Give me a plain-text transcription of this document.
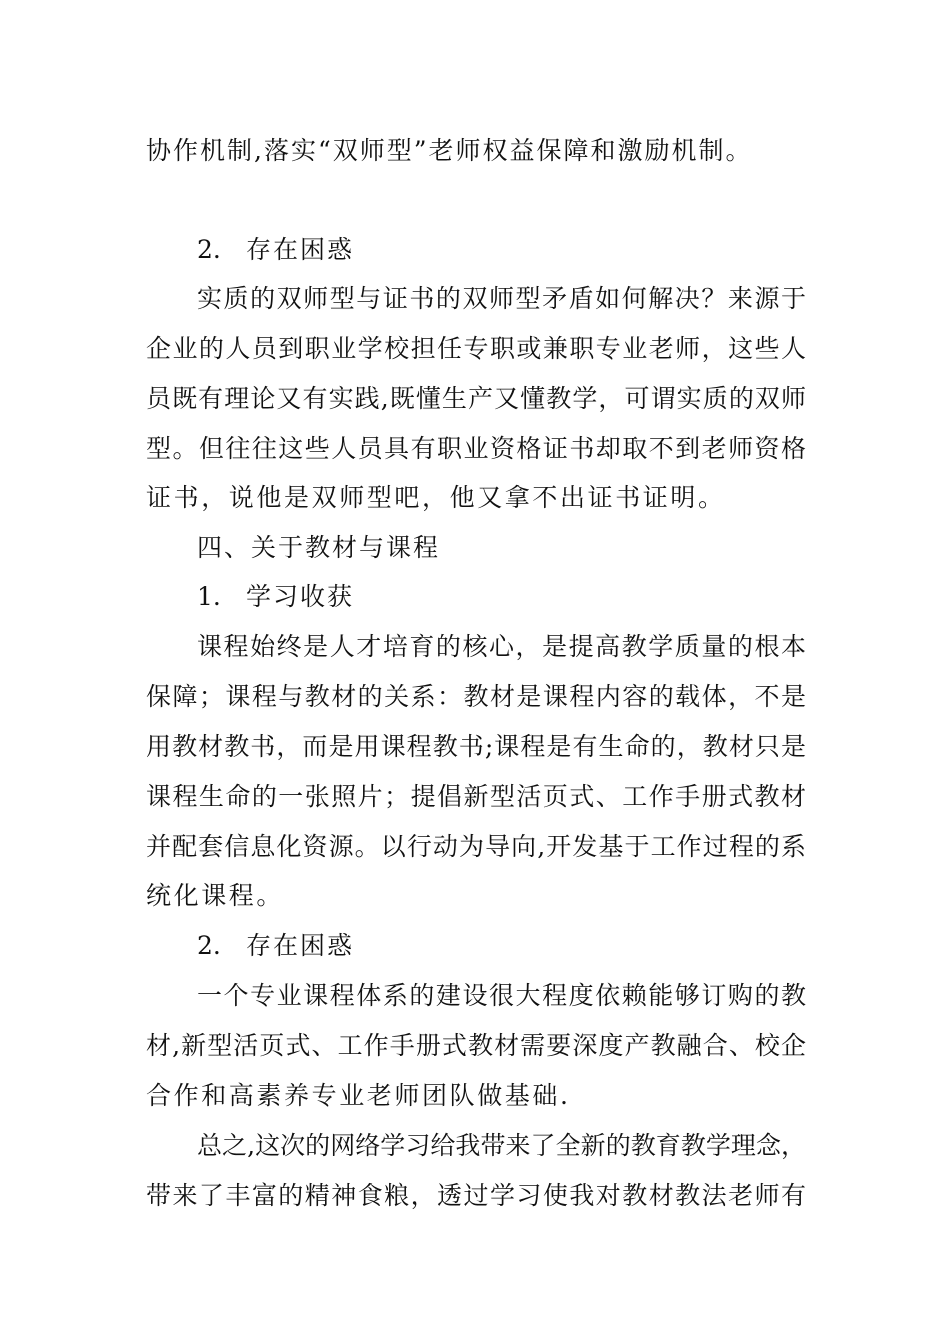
协作机制,落实“双师型”老师权益保障和激励机制。
2. 存在困惑
实质的双师型与证书的双师型矛盾如何解决？来源于
企业的人员到职业学校担任专职或兼职专业老师，这些人
员既有理论又有实践,既懂生产又懂教学，可谓实质的双师
型。但往往这些人员具有职业资格证书却取不到老师资格
证书，说他是双师型吧，他又拿不出证书证明。
四、关于教材与课程
1. 学习收获
课程始终是人才培育的核心，是提高教学质量的根本
保障；课程与教材的关系：教材是课程内容的载体，不是
用教材教书，而是用课程教书;课程是有生命的，教材只是
课程生命的一张照片；提倡新型活页式、工作手册式教材
并配套信息化资源。以行动为导向,开发基于工作过程的系
统化课程。
2. 存在困惑
一个专业课程体系的建设很大程度依赖能够订购的教
材,新型活页式、工作手册式教材需要深度产教融合、校企
合作和高素养专业老师团队做基础.
总之,这次的网络学习给我带来了全新的教育教学理念，
带来了丰富的精神食粮，透过学习使我对教材教法老师有
